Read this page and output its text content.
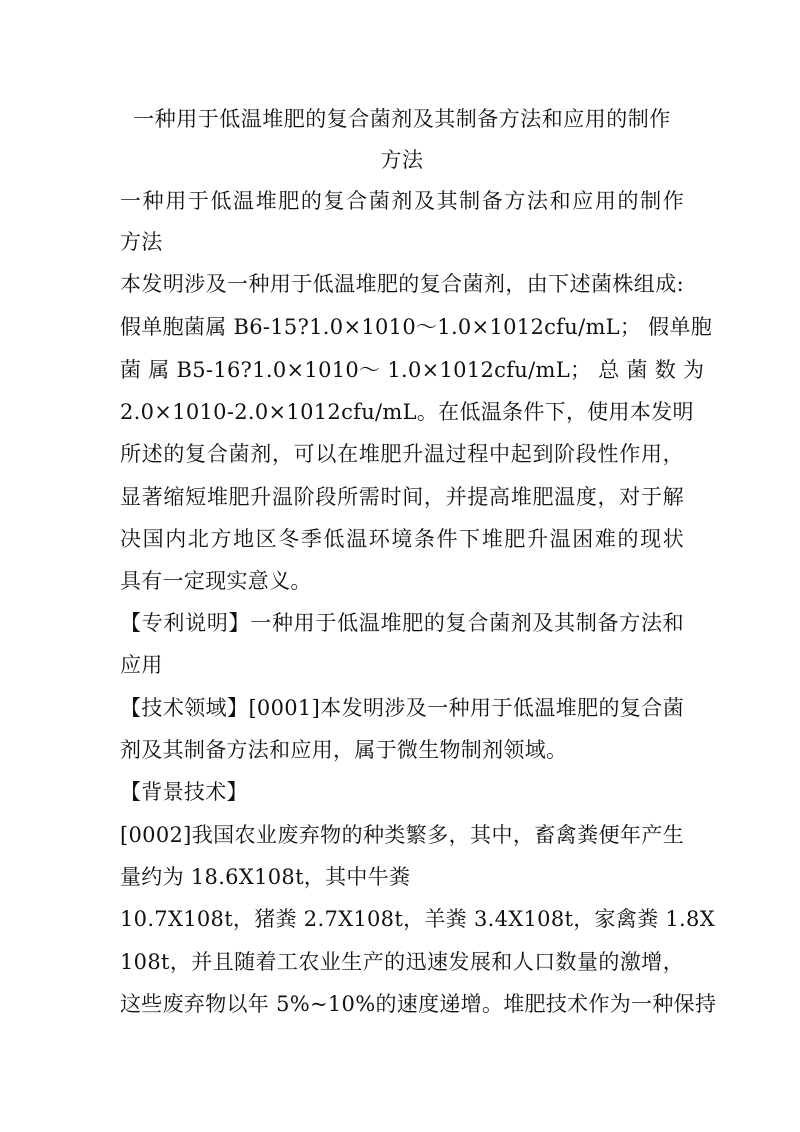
一种用于低温堆肥的复合菌剂及其制备方法和应用的制作
方法
一种用于低温堆肥的复合菌剂及其制备方法和应用的制作
方法
本发明涉及一种用于低温堆肥的复合菌剂，由下述菌株组成:
假单胞菌属 B6-15?1.0×1010～1.0×1012cfu/mL； 假单胞
菌 属 B5-16?1.0×1010～ 1.0×1012cfu/mL； 总 菌 数 为
2.0×1010-2.0×1012cfu/mL。在低温条件下，使用本发明
所述的复合菌剂，可以在堆肥升温过程中起到阶段性作用，
显著缩短堆肥升温阶段所需时间，并提高堆肥温度，对于解
决国内北方地区冬季低温环境条件下堆肥升温困难的现状
具有一定现实意义。
【专利说明】一种用于低温堆肥的复合菌剂及其制备方法和
应用
【技术领域】[0001]本发明涉及一种用于低温堆肥的复合菌
剂及其制备方法和应用，属于微生物制剂领域。
【背景技术】
[0002]我国农业废弃物的种类繁多，其中，畜禽粪便年产生
量约为 18.6X108t，其中牛粪
10.7X108t，猪粪 2.7X108t，羊粪 3.4X108t，家禽粪 1.8X
108t，并且随着工农业生产的迅速发展和人口数量的激增，
这些废弃物以年 5%~10%的速度递增。堆肥技术作为一种保持
